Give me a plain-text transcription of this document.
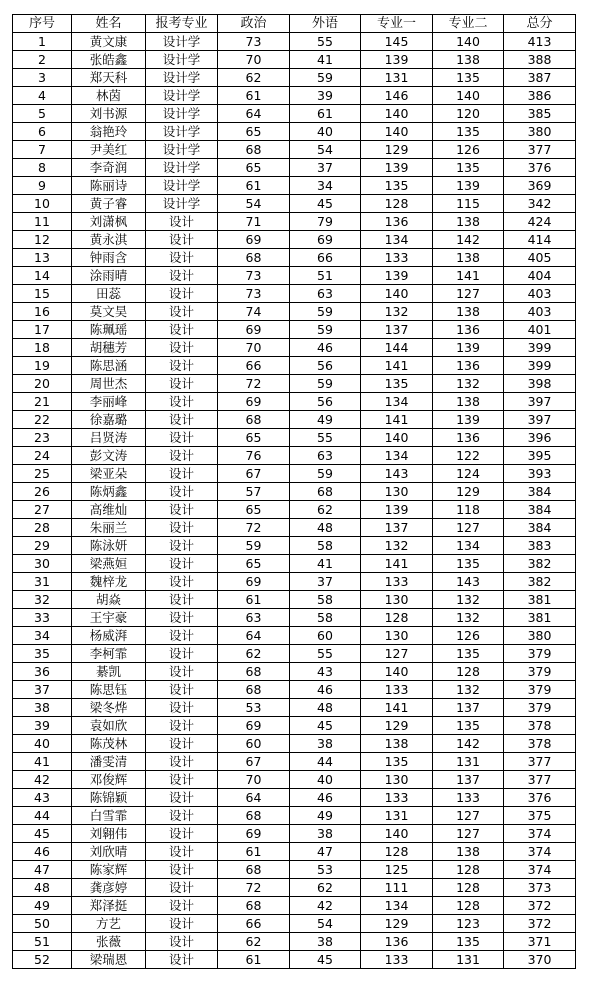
序号	姓名	报考专业	政治	外语	专业一	专业二	总分
1	黄文康	设计学	73	55	145	140	413
2	张皓鑫	设计学	70	41	139	138	388
3	郑天科	设计学	62	59	131	135	387
4	林茵	设计学	61	39	146	140	386
5	刘书源	设计学	64	61	140	120	385
6	翁艳玲	设计学	65	40	140	135	380
7	尹美红	设计学	68	54	129	126	377
8	李奇润	设计学	65	37	139	135	376
9	陈丽诗	设计学	61	34	135	139	369
10	黄子睿	设计学	54	45	128	115	342
11	刘潇枫	设计	71	79	136	138	424
12	黄永淇	设计	69	69	134	142	414
13	钟雨含	设计	68	66	133	138	405
14	涂雨晴	设计	73	51	139	141	404
15	田蕊	设计	73	63	140	127	403
16	莫文昊	设计	74	59	132	138	403
17	陈珮瑶	设计	69	59	137	136	401
18	胡穗芳	设计	70	46	144	139	399
19	陈思涵	设计	66	56	141	136	399
20	周世杰	设计	72	59	135	132	398
21	李丽峰	设计	69	56	134	138	397
22	徐嘉璐	设计	68	49	141	139	397
23	吕贤涛	设计	65	55	140	136	396
24	彭文涛	设计	76	63	134	122	395
25	梁亚朵	设计	67	59	143	124	393
26	陈炳鑫	设计	57	68	130	129	384
27	高维灿	设计	65	62	139	118	384
28	朱丽兰	设计	72	48	137	127	384
29	陈泳妍	设计	59	58	132	134	383
30	梁燕姮	设计	65	41	141	135	382
31	魏梓龙	设计	69	37	133	143	382
32	胡焱	设计	61	58	130	132	381
33	王宇豪	设计	63	58	128	132	381
34	杨威湃	设计	64	60	130	126	380
35	李柯霏	设计	62	55	127	135	379
36	綦凯	设计	68	43	140	128	379
37	陈思钰	设计	68	46	133	132	379
38	梁冬烨	设计	53	48	141	137	379
39	袁如欣	设计	69	45	129	135	378
40	陈茂林	设计	60	38	138	142	378
41	潘雯清	设计	67	44	135	131	377
42	邓俊辉	设计	70	40	130	137	377
43	陈锦颖	设计	64	46	133	133	376
44	白雪霏	设计	68	49	131	127	375
45	刘翱伟	设计	69	38	140	127	374
46	刘欣晴	设计	61	47	128	138	374
47	陈家辉	设计	68	53	125	128	374
48	龚彦婷	设计	72	62	111	128	373
49	郑泽挺	设计	68	42	134	128	372
50	方艺	设计	66	54	129	123	372
51	张薇	设计	62	38	136	135	371
52	梁瑞恩	设计	61	45	133	131	370
